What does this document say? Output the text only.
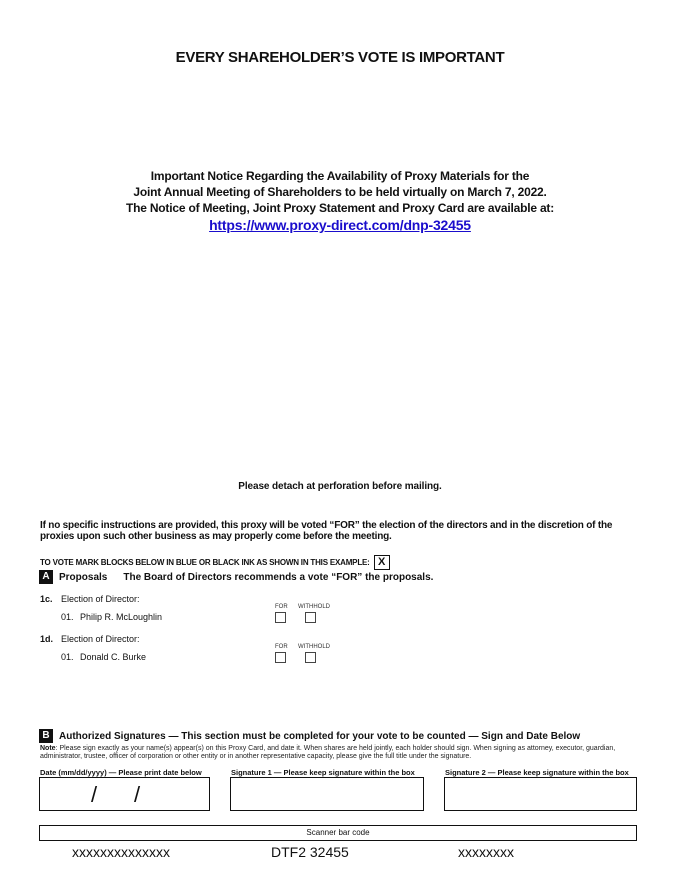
EVERY SHAREHOLDER’S VOTE IS IMPORTANT
Important Notice Regarding the Availability of Proxy Materials for the
Joint Annual Meeting of Shareholders to be held virtually on March 7, 2022.
The Notice of Meeting, Joint Proxy Statement and Proxy Card are available at:
https://www.proxy-direct.com/dnp-32455
Please detach at perforation before mailing.
If no specific instructions are provided, this proxy will be voted “FOR” the election of the directors and in the discretion of the proxies upon such other business as may properly come before the meeting.
TO VOTE MARK BLOCKS BELOW IN BLUE OR BLACK INK AS SHOWN IN THIS EXAMPLE: X
A Proposals The Board of Directors recommends a vote “FOR” the proposals.
1c. Election of Director:
01. Philip R. McLoughlin
FOR WITHHOLD
1d. Election of Director:
01. Donald C. Burke
FOR WITHHOLD
B Authorized Signatures — This section must be completed for your vote to be counted — Sign and Date Below
Note: Please sign exactly as your name(s) appear(s) on this Proxy Card, and date it. When shares are held jointly, each holder should sign. When signing as attorney, executor, guardian, administrator, trustee, officer of corporation or other entity or in another representative capacity, please give the full title under the signature.
Date (mm/dd/yyyy) — Please print date below	Signature 1 — Please keep signature within the box	Signature 2 — Please keep signature within the box
/ /
Scanner bar code
xxxxxxxxxxxxxx	DTF2 32455	xxxxxxxx
